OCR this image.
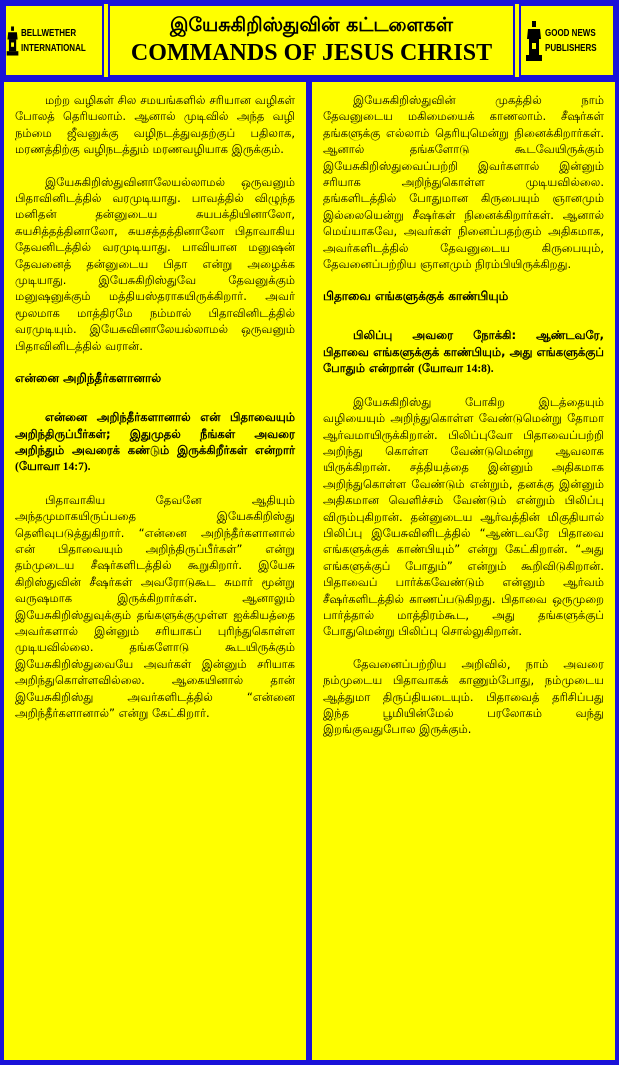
BELLWETHER
INTERNATIONAL
இயேசுகிறிஸ்துவின் கட்டளைகள்
COMMANDS OF JESUS CHRIST
GOOD NEWS
PUBLISHERS

மற்ற வழிகள் சில சமயங்களில் சரியான வழிகள் போலத் தெரியலாம். ஆனால் முடிவில் அந்த வழி நம்மை ஜீவனுக்கு வழிநடத்துவதற்குப் பதிலாக, மரணத்திற்கு வழிநடத்தும் மரணவழியாக இருக்கும்.

இயேசுகிறிஸ்துவினாலேயல்லாமல் ஒருவனும் பிதாவினிடத்தில் வரமுடியாது. பாவத்தில் விழுந்த மனிதன் தன்னுடைய சுயபக்தியினாலோ, சுயசித்தத்தினாலோ, சுயசத்தத்தினாலோ பிதாவாகிய தேவனிடத்தில் வரமுடியாது. பாவியான மனுஷன் தேவனைத் தன்னுடைய பிதா என்று அழைக்க முடியாது. இயேசுகிறிஸ்துவே தேவனுக்கும் மனுஷனுக்கும் மத்தியஸ்தராகயிருக்கிறார். அவர் மூலமாக மாத்திரமே நம்மால் பிதாவினிடத்தில் வரமுடியும். இயேசுவினாலேயல்லாமல் ஒருவனும் பிதாவினிடத்தில் வரான்.

என்னை அறிந்தீர்களானால்

என்னை அறிந்தீர்களானால் என் பிதாவையும் அறிந்திருப்பீர்கள்; இதுமுதல் நீங்கள் அவரை அறிந்தும் அவரைக் கண்டும் இருக்கிறீர்கள் என்றார் (யோவா 14:7).

பிதாவாகிய தேவனே ஆதியும் அந்தமுமாகயிருப்பதை இயேசுகிறிஸ்து தெளிவுபடுத்துகிறார். “என்னை அறிந்தீர்களானால் என் பிதாவையும் அறிந்திருப்பீர்கள்” என்று தம்முடைய சீஷர்களிடத்தில் கூறுகிறார். இயேசு கிறிஸ்துவின் சீஷர்கள் அவரோடுகூட சுமார் மூன்று வருஷமாக இருக்கிறார்கள். ஆனாலும் இயேசுகிறிஸ்துவுக்கும் தங்களுக்குமுள்ள ஐக்கியத்தை அவர்களால் இன்னும் சரியாகப் புரிந்துகொள்ள முடியவில்லை. தங்களோடு கூடயிருக்கும் இயேசுகிறிஸ்துவையே அவர்கள் இன்னும் சரியாக அறிந்துகொள்ளவில்லை. ஆகையினால் தான் இயேசுகிறிஸ்து அவர்களிடத்தில் “என்னை அறிந்தீர்களானால்” என்று கேட்கிறார்.

இயேசுகிறிஸ்துவின் முகத்தில் நாம் தேவனுடைய மகிமையைக் காணலாம். சீஷர்கள் தங்களுக்கு எல்லாம் தெரியுமென்று நினைக்கிறார்கள். ஆனால் தங்களோடு கூடவேயிருக்கும் இயேசுகிறிஸ்துவைப்பற்றி இவர்களால் இன்னும் சரியாக அறிந்துகொள்ள முடியவில்லை. தங்களிடத்தில் போதுமான கிருபையும் ஞானமும் இல்லையென்று சீஷர்கள் நினைக்கிறார்கள். ஆனால் மெய்யாகவே, அவர்கள் நினைப்பதற்கும் அதிகமாக, அவர்களிடத்தில் தேவனுடைய கிருபையும், தேவனைப்பற்றிய ஞானமும் நிரம்பியிருக்கிறது.

பிதாவை எங்களுக்குக் காண்பியும்

பிலிப்பு அவரை நோக்கி: ஆண்டவரே, பிதாவை எங்களுக்குக் காண்பியும், அது எங்களுக்குப் போதும் என்றான் (யோவா 14:8).

இயேசுகிறிஸ்து போகிற இடத்தையும் வழியையும் அறிந்துகொள்ள வேண்டுமென்று தோமா ஆர்வமாயிருக்கிறான். பிலிப்புவோ பிதாவைப்பற்றி அறிந்து கொள்ள வேண்டுமென்று ஆவலாக யிருக்கிறான். சத்தியத்தை இன்னும் அதிகமாக அறிந்துகொள்ள வேண்டும் என்றும், தனக்கு இன்னும் அதிகமான வெளிச்சம் வேண்டும் என்றும் பிலிப்பு விரும்புகிறான். தன்னுடைய ஆர்வத்தின் மிகுதியால் பிலிப்பு இயேசுவினிடத்தில் “ஆண்டவரே பிதாவை எங்களுக்குக் காண்பியும்” என்று கேட்கிறான். “அது எங்களுக்குப் போதும்” என்றும் கூறிவிடுகிறான். பிதாவைப் பார்க்கவேண்டும் என்னும் ஆர்வம் சீஷர்களிடத்தில் காணப்படுகிறது. பிதாவை ஒருமுறை பார்த்தால் மாத்திரம்கூட, அது தங்களுக்குப் போதுமென்று பிலிப்பு சொல்லுகிறான்.

தேவனைப்பற்றிய அறிவில், நாம் அவரை நம்முடைய பிதாவாகக் காணும்போது, நம்முடைய ஆத்துமா திருப்தியடையும். பிதாவைத் தரிசிப்பது இந்த பூமியின்மேல் பரலோகம் வந்து இறங்குவதுபோல இருக்கும்.
